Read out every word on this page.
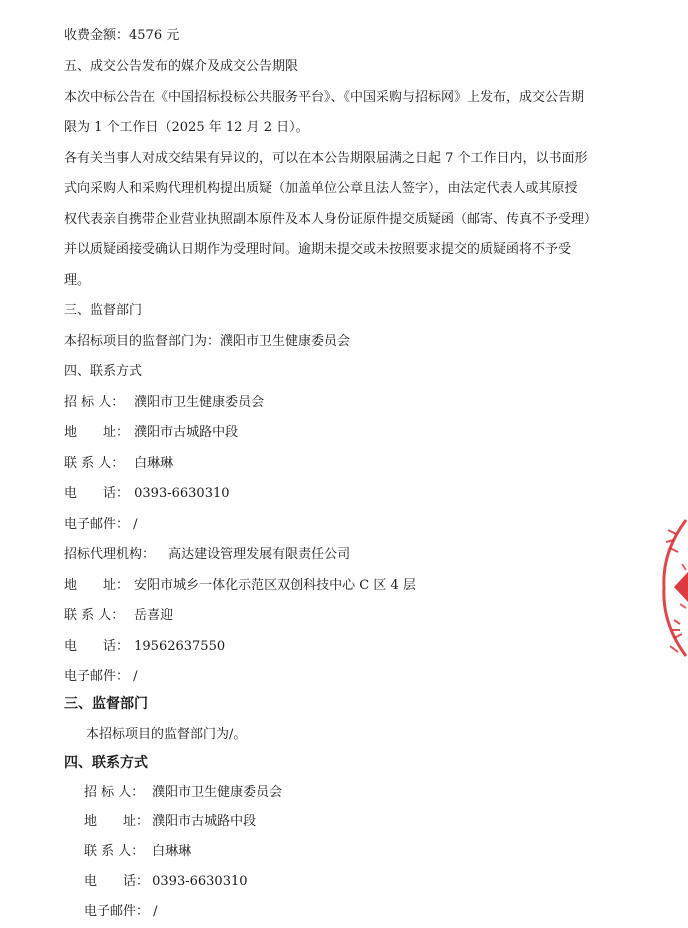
收费金额：4576 元
五、成交公告发布的媒介及成交公告期限
本次中标公告在《中国招标投标公共服务平台》、《中国采购与招标网》上发布，成交公告期
限为 1 个工作日（2025 年 12 月 2 日）。
各有关当事人对成交结果有异议的，可以在本公告期限届满之日起 7 个工作日内，以书面形
式向采购人和采购代理机构提出质疑（加盖单位公章且法人签字），由法定代表人或其原授
权代表亲自携带企业营业执照副本原件及本人身份证原件提交质疑函（邮寄、传真不予受理）
并以质疑函接受确认日期作为受理时间。逾期未提交或未按照要求提交的质疑函将不予受
理。
三、监督部门
本招标项目的监督部门为：濮阳市卫生健康委员会
四、联系方式
招 标 人： 濮阳市卫生健康委员会
地　　址： 濮阳市古城路中段
联 系 人： 白琳琳
电　　话： 0393-6630310
电子邮件： /
招标代理机构： 高达建设管理发展有限责任公司
地　　址： 安阳市城乡一体化示范区双创科技中心 C 区 4 层
联 系 人： 岳喜迎
电　　话： 19562637550
电子邮件： /
三、监督部门
本招标项目的监督部门为/。
四、联系方式
招 标 人： 濮阳市卫生健康委员会
地　　址： 濮阳市古城路中段
联 系 人： 白琳琳
电　　话： 0393-6630310
电子邮件： /
